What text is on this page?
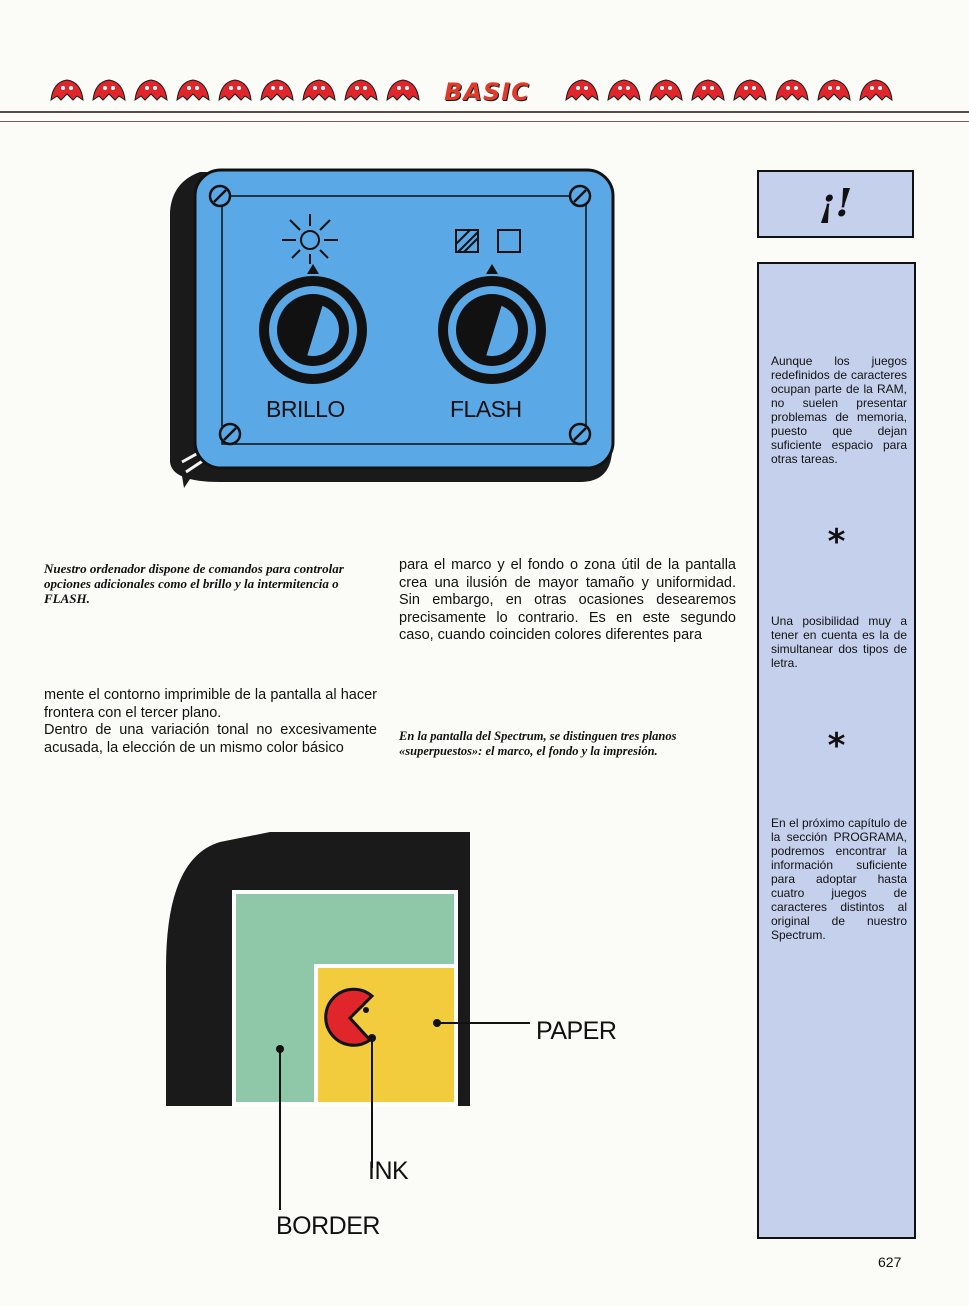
BASIC
BRILLO	FLASH
Nuestro ordenador dispone de comandos para controlar opciones adicionales como el brillo y la intermitencia o FLASH.
para el marco y el fondo o zona útil de la pantalla crea una ilusión de mayor tamaño y uniformidad. Sin embargo, en otras ocasiones desearemos precisamente lo contrario. Es en este segundo caso, cuando coinciden colores diferentes para
mente el contorno imprimible de la pantalla al hacer frontera con el tercer plano.
Dentro de una variación tonal no excesivamente acusada, la elección de un mismo color básico
En la pantalla del Spectrum, se distinguen tres planos «superpuestos»: el marco, el fondo y la impresión.
PAPER
INK
BORDER
¡!
Aunque los juegos redefinidos de caracteres ocupan parte de la RAM, no suelen presentar problemas de memoria, puesto que dejan suficiente espacio para otras tareas.
*
Una posibilidad muy a tener en cuenta es la de simultanear dos tipos de letra.
*
En el próximo capítulo de la sección PROGRAMA, podremos encontrar la información suficiente para adoptar hasta cuatro juegos de caracteres distintos al original de nuestro Spectrum.
627
